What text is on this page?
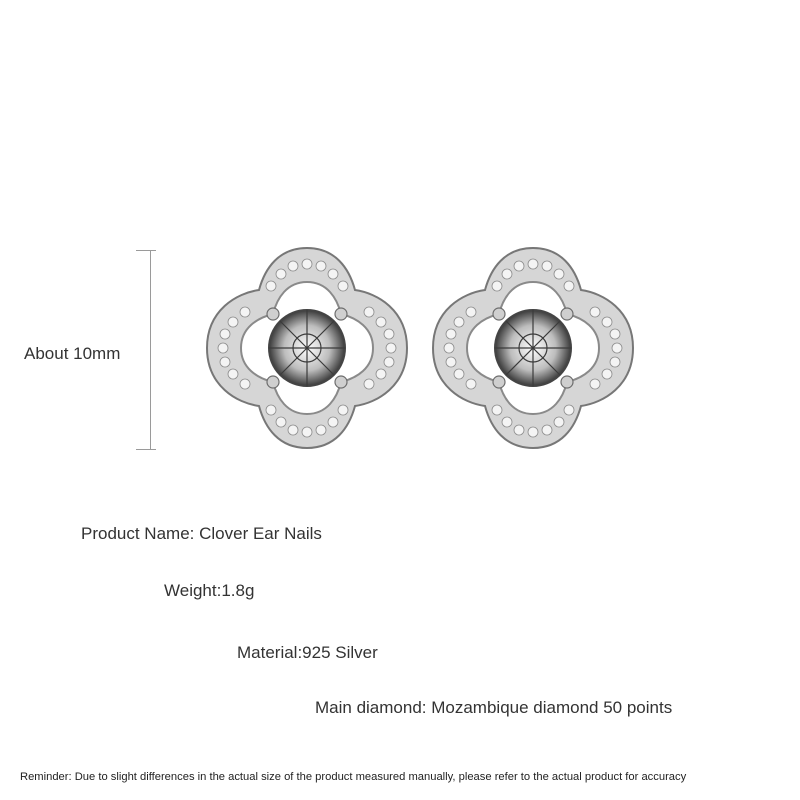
About 10mm
Product Name: Clover Ear Nails
Weight:1.8g
Material:925 Silver
Main diamond: Mozambique diamond 50 points
Reminder: Due to slight differences in the actual size of the product measured manually, please refer to the actual product for accuracy
